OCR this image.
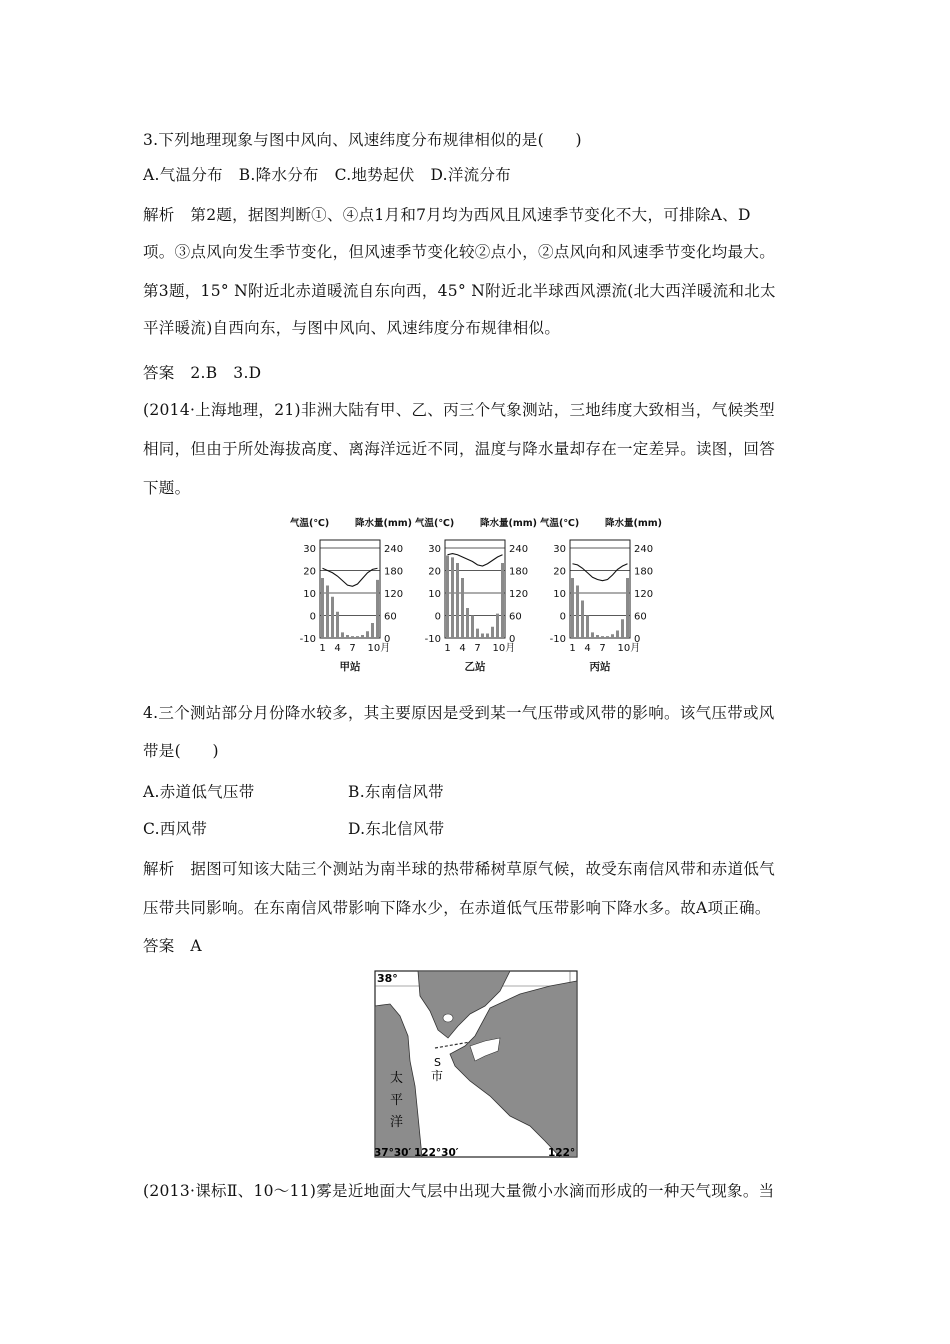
3.下列地理现象与图中风向、风速纬度分布规律相似的是(　　)
A.气温分布　B.降水分布　C.地势起伏　D.洋流分布
解析　第2题，据图判断①、④点1月和7月均为西风且风速季节变化不大，可排除A、D
项。③点风向发生季节变化，但风速季节变化较②点小，②点风向和风速季节变化均最大。
第3题，15° N附近北赤道暖流自东向西，45° N附近北半球西风漂流(北大西洋暖流和北太
平洋暖流)自西向东，与图中风向、风速纬度分布规律相似。
答案　2.B　3.D
(2014·上海地理，21)非洲大陆有甲、乙、丙三个气象测站，三地纬度大致相当，气候类型
相同，但由于所处海拔高度、离海洋远近不同，温度与降水量却存在一定差异。读图，回答
下题。
气温(℃)	降水量(mm)
30
20
10
0
-10
240
180
120
60
0
1 4 7 10月
甲站
气温(℃)	降水量(mm)
30
20
10
0
-10
240
180
120
60
0
1 4 7 10月
乙站
气温(℃)	降水量(mm)
30
20
10
0
-10
240
180
120
60
0
1 4 7 10月
丙站
4.三个测站部分月份降水较多，其主要原因是受到某一气压带或风带的影响。该气压带或风
带是(　　)
A.赤道低气压带	B.东南信风带
C.西风带	D.东北信风带
解析　据图可知该大陆三个测站为南半球的热带稀树草原气候，故受东南信风带和赤道低气
压带共同影响。在东南信风带影响下降水少，在赤道低气压带影响下降水多。故A项正确。
答案　A
38°
太
平
洋
S
市
37°30′ 122°30′	122°
(2013·课标Ⅱ、10～11)雾是近地面大气层中出现大量微小水滴而形成的一种天气现象。当
